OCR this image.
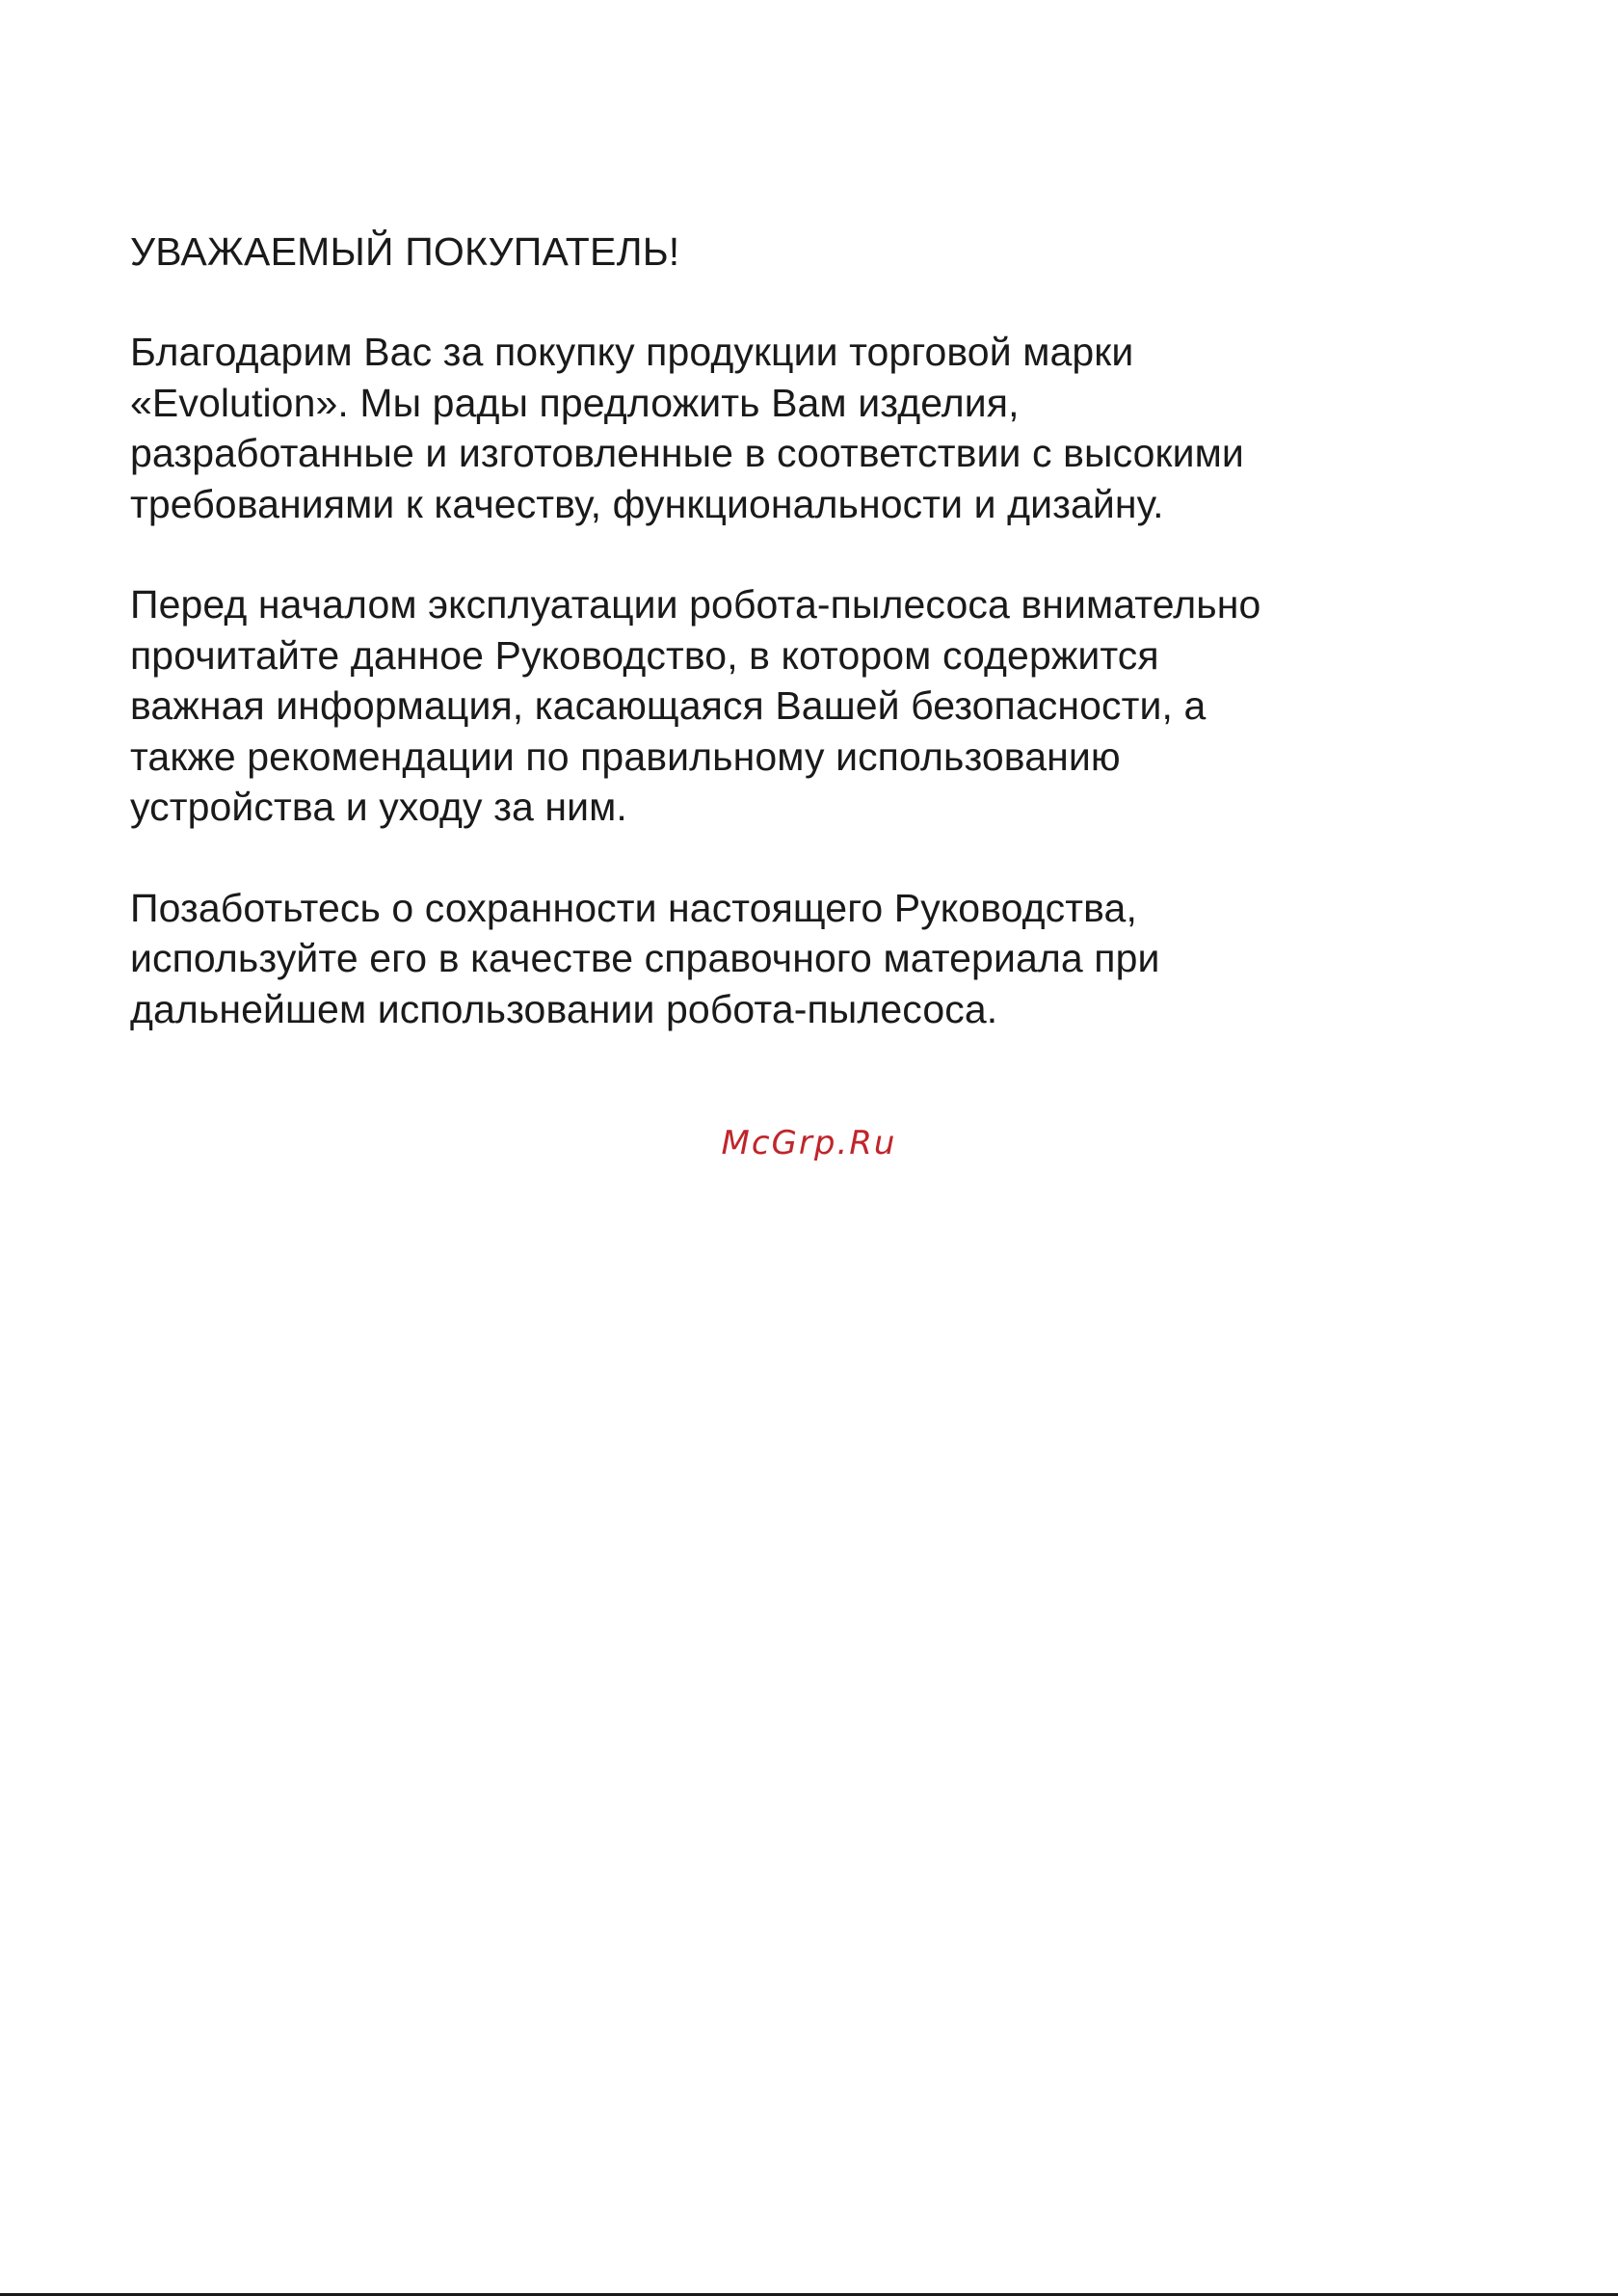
УВАЖАЕМЫЙ ПОКУПАТЕЛЬ!

Благодарим Вас за покупку продукции торговой марки
«Evolution». Мы рады предложить Вам изделия,
разработанные и изготовленные в соответствии с высокими
требованиями к качеству, функциональности и дизайну.

Перед началом эксплуатации робота-пылесоса внимательно
прочитайте данное Руководство, в котором содержится
важная информация, касающаяся Вашей безопасности, а
также рекомендации по правильному использованию
устройства и уходу за ним.

Позаботьтесь о сохранности настоящего Руководства,
используйте его в качестве справочного материала при
дальнейшем использовании робота-пылесоса.

McGrp.Ru
